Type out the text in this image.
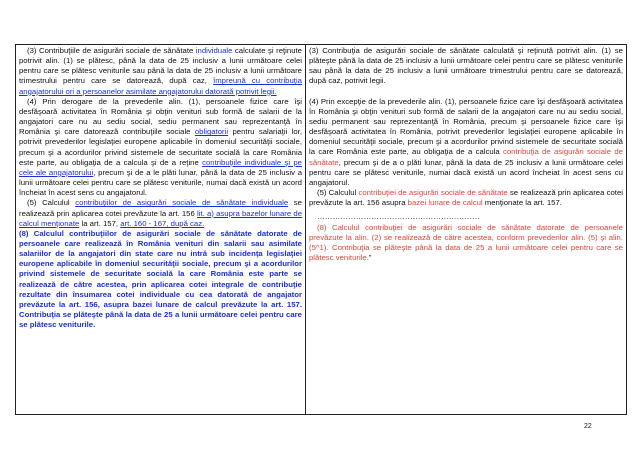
(3) Contribuţiile de asigurări sociale de sănătate individuale calculate şi reţinute potrivit alin. (1) se plătesc, până la data de 25 inclusiv a lunii următoare celei pentru care se plătesc veniturile sau până la data de 25 inclusiv a lunii următoare trimestrului pentru care se datorează, după caz, împreună cu contribuţia angajatorului ori a persoanelor asimilate angajatorului datorată potrivit legii.

(4) Prin derogare de la prevederile alin. (1), persoanele fizice care îşi desfăşoară activitatea în România şi obţin venituri sub formă de salarii de la angajatori care nu au sediu social, sediu permanent sau reprezentanţă în România şi care datorează contribuţiile sociale obligatorii pentru salariaţii lor, potrivit prevederilor legislaţiei europene aplicabile în domeniul securităţii sociale, precum şi a acordurilor privind sistemele de securitate socială la care România este parte, au obligaţia de a calcula şi de a reţine contribuţiile individuale şi pe cele ale angajatorului, precum şi de a le plăti lunar, până la data de 25 inclusiv a lunii următoare celei pentru care se plătesc veniturile, numai dacă există un acord încheiat în acest sens cu angajatorul.

(5) Calculul contribuţiilor de asigurări sociale de sănătate individuale se realizează prin aplicarea cotei prevăzute la art. 156 lit. a) asupra bazelor lunare de calcul menţionate la art. 157, art. 160 - 167, după caz.

(8) Calculul contribuţiilor de asigurări sociale de sănătate datorate de persoanele care realizează în România venituri din salarii sau asimilate salariilor de la angajatori din state care nu intră sub incidenţa legislaţiei europene aplicabile în domeniul securităţii sociale, precum şi a acordurilor privind sistemele de securitate socială la care România este parte se realizează de către acestea, prin aplicarea cotei integrale de contribuţie rezultate din însumarea cotei individuale cu cea datorată de angajator prevăzute la art. 156, asupra bazei lunare de calcul prevăzute la art. 157. Contribuţia se plăteşte până la data de 25 a lunii următoare celei pentru care se plătesc veniturile.

(3) Contribuţia de asigurări sociale de sănătate calculată şi reţinută potrivit alin. (1) se plăteşte până la data de 25 inclusiv a lunii următoare celei pentru care se plătesc veniturile sau până la data de 25 inclusiv a lunii următoare trimestrului pentru care se datorează, după caz, potrivit legii.

(4) Prin excepţie de la prevederile alin. (1), persoanele fizice care îşi desfăşoară activitatea în România şi obţin venituri sub formă de salarii de la angajatori care nu au sediu social, sediu permanent sau reprezentanţă în România, precum şi persoanele fizice care îşi desfăşoară activitatea în România, potrivit prevederilor legislaţiei europene aplicabile în domeniul securităţii sociale, precum şi a acordurilor privind sistemele de securitate socială la care România este parte, au obligaţia de a calcula contribuţia de asigurări sociale de sănătate, precum şi de a o plăti lunar, până la data de 25 inclusiv a lunii următoare celei pentru care se plătesc veniturile, numai dacă există un acord încheiat în acest sens cu angajatorul.

(5) Calculul contribuţiei de asigurări sociale de sănătate se realizează prin aplicarea cotei prevăzute la art. 156 asupra bazei lunare de calcul menţionate la art. 157.

………………………………………………………

(8) Calculul contribuţiei de asigurări sociale de sănătate datorate de persoanele prevăzute la alin. (2) se realizează de către acestea, conform prevederilor alin. (5) şi alin. (5^1). Contribuţia se plăteşte până la data de 25 a lunii următoare celei pentru care se plătesc veniturile.”

22
